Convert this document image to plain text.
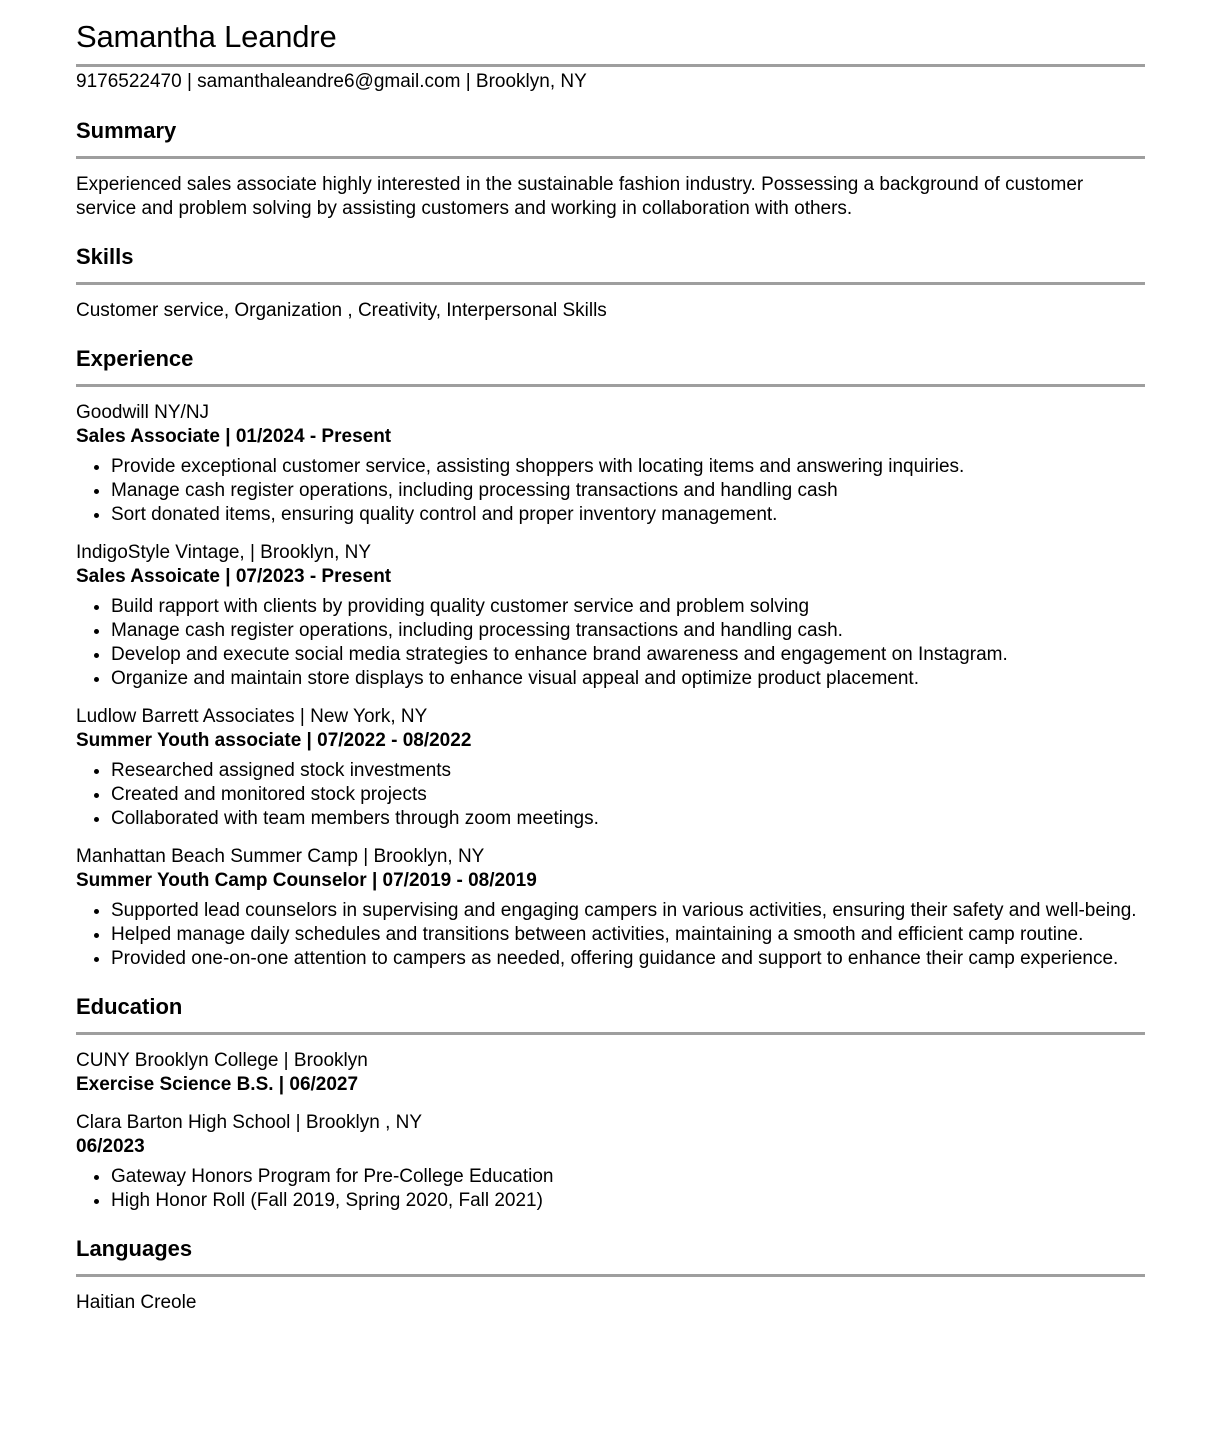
Samantha Leandre
9176522470 | samanthaleandre6@gmail.com | Brooklyn, NY
Summary
Experienced sales associate highly interested in the sustainable fashion industry. Possessing a background of customer service and problem solving by assisting customers and working in collaboration with others.
Skills
Customer service, Organization , Creativity, Interpersonal Skills
Experience
Goodwill NY/NJ
Sales Associate | 01/2024 - Present
• Provide exceptional customer service, assisting shoppers with locating items and answering inquiries.
• Manage cash register operations, including processing transactions and handling cash
• Sort donated items, ensuring quality control and proper inventory management.
IndigoStyle Vintage, | Brooklyn, NY
Sales Assoicate | 07/2023 - Present
• Build rapport with clients by providing quality customer service and problem solving
• Manage cash register operations, including processing transactions and handling cash.
• Develop and execute social media strategies to enhance brand awareness and engagement on Instagram.
• Organize and maintain store displays to enhance visual appeal and optimize product placement.
Ludlow Barrett Associates | New York, NY
Summer Youth associate | 07/2022 - 08/2022
• Researched assigned stock investments
• Created and monitored stock projects
• Collaborated with team members through zoom meetings.
Manhattan Beach Summer Camp | Brooklyn, NY
Summer Youth Camp Counselor | 07/2019 - 08/2019
• Supported lead counselors in supervising and engaging campers in various activities, ensuring their safety and well-being.
• Helped manage daily schedules and transitions between activities, maintaining a smooth and efficient camp routine.
• Provided one-on-one attention to campers as needed, offering guidance and support to enhance their camp experience.
Education
CUNY Brooklyn College | Brooklyn
Exercise Science B.S. | 06/2027
Clara Barton High School | Brooklyn , NY
06/2023
• Gateway Honors Program for Pre-College Education
• High Honor Roll (Fall 2019, Spring 2020, Fall 2021)
Languages
Haitian Creole
